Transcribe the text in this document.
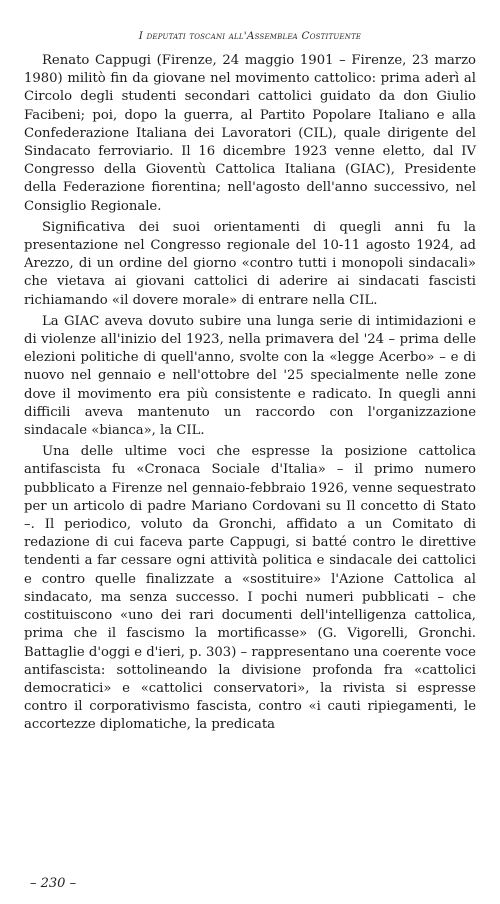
I deputati toscani all'Assemblea Costituente

Renato Cappugi (Firenze, 24 maggio 1901 – Firenze, 23 marzo 1980) militò fin da giovane nel movimento cattolico: prima aderì al Circolo degli studenti secondari cattolici guidato da don Giulio Facibeni; poi, dopo la guerra, al Partito Popolare Italiano e alla Confederazione Italiana dei Lavoratori (CIL), quale dirigente del Sindacato ferroviario. Il 16 dicembre 1923 venne eletto, dal IV Congresso della Gioventù Cattolica Italiana (GIAC), Presidente della Federazione fiorentina; nell'agosto dell'anno successivo, nel Consiglio Regionale.

Significativa dei suoi orientamenti di quegli anni fu la presentazione nel Congresso regionale del 10-11 agosto 1924, ad Arezzo, di un ordine del giorno «contro tutti i monopoli sindacali» che vietava ai giovani cattolici di aderire ai sindacati fascisti richiamando «il dovere morale» di entrare nella CIL.

La GIAC aveva dovuto subire una lunga serie di intimidazioni e di violenze all'inizio del 1923, nella primavera del '24 – prima delle elezioni politiche di quell'anno, svolte con la «legge Acerbo» – e di nuovo nel gennaio e nell'ottobre del '25 specialmente nelle zone dove il movimento era più consistente e radicato. In quegli anni difficili aveva mantenuto un raccordo con l'organizzazione sindacale «bianca», la CIL.

Una delle ultime voci che espresse la posizione cattolica antifascista fu «Cronaca Sociale d'Italia» – il primo numero pubblicato a Firenze nel gennaio-febbraio 1926, venne sequestrato per un articolo di padre Mariano Cordovani su Il concetto di Stato –. Il periodico, voluto da Gronchi, affidato a un Comitato di redazione di cui faceva parte Cappugi, si batté contro le direttive tendenti a far cessare ogni attività politica e sindacale dei cattolici e contro quelle finalizzate a «sostituire» l'Azione Cattolica al sindacato, ma senza successo. I pochi numeri pubblicati – che costituiscono «uno dei rari documenti dell'intelligenza cattolica, prima che il fascismo la mortificasse» (G. Vigorelli, Gronchi. Battaglie d'oggi e d'ieri, p. 303) – rappresentano una coerente voce antifascista: sottolineando la divisione profonda fra «cattolici democratici» e «cattolici conservatori», la rivista si espresse contro il corporativismo fascista, contro «i cauti ripiegamenti, le accortezze diplomatiche, la predicata

– 230 –
